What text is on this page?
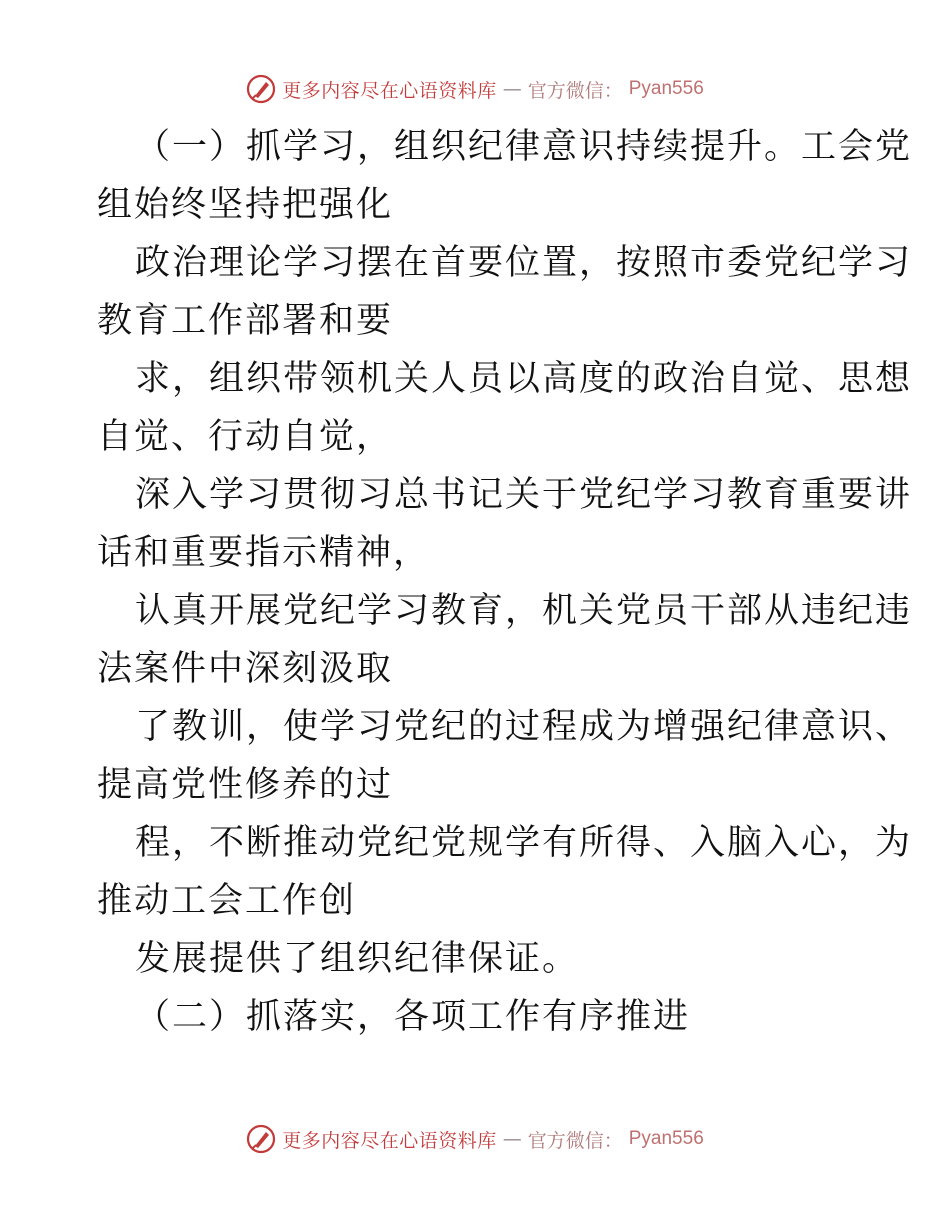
更多内容尽在心语资料库 — 官方微信： Pyan556
（一）抓学习，组织纪律意识持续提升。工会党
组始终坚持把强化
政治理论学习摆在首要位置，按照市委党纪学习
教育工作部署和要
求，组织带领机关人员以高度的政治自觉、思想
自觉、行动自觉，
深入学习贯彻习总书记关于党纪学习教育重要讲
话和重要指示精神，
认真开展党纪学习教育，机关党员干部从违纪违
法案件中深刻汲取
了教训，使学习党纪的过程成为增强纪律意识、
提高党性修养的过
程，不断推动党纪党规学有所得、入脑入心，为
推动工会工作创
发展提供了组织纪律保证。
（二）抓落实，各项工作有序推进
更多内容尽在心语资料库 — 官方微信： Pyan556
